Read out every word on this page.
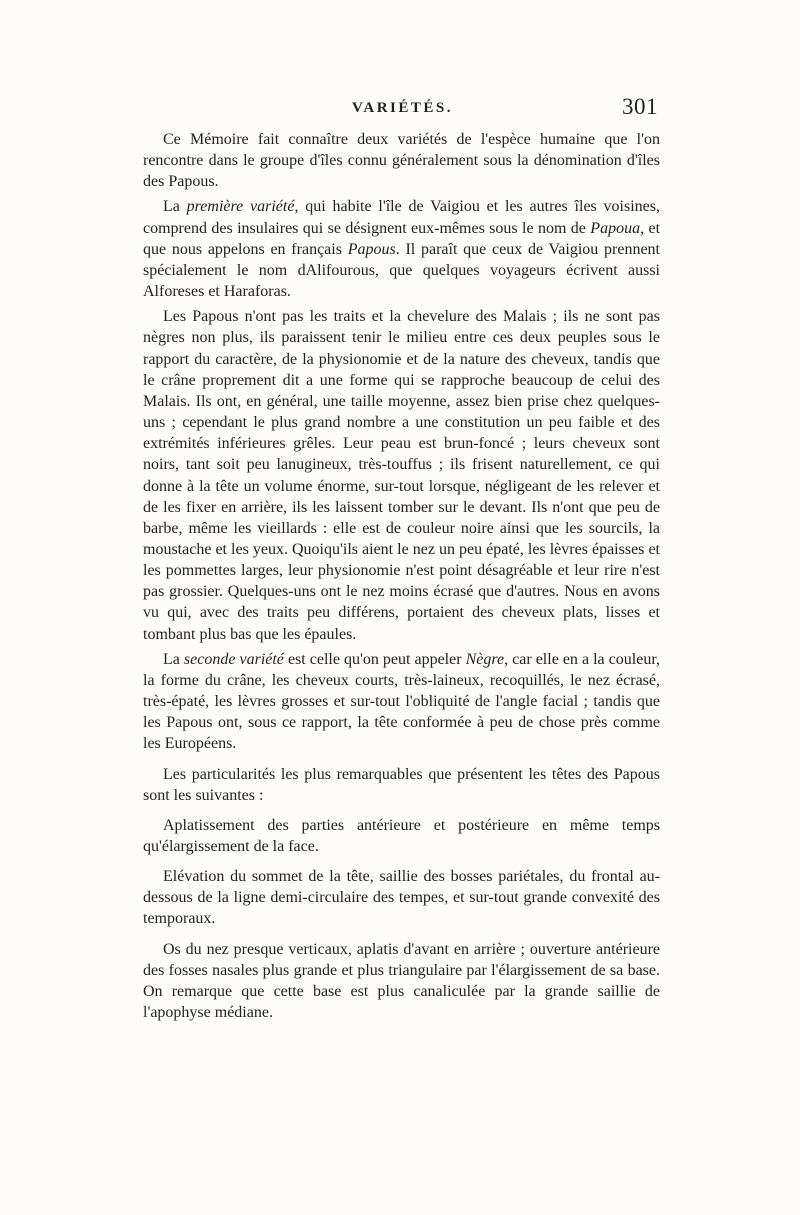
VARIÉTÉS.	301

Ce Mémoire fait connaître deux variétés de l'espèce humaine que l'on rencontre dans le groupe d'îles connu généralement sous la dénomination d'îles des Papous.

La première variété, qui habite l'île de Vaigiou et les autres îles voisines, comprend des insulaires qui se désignent eux-mêmes sous le nom de Papoua, et que nous appelons en français Papous. Il paraît que ceux de Vaigiou prennent spécialement le nom dAlifourous, que quelques voyageurs écrivent aussi Alforeses et Haraforas.

Les Papous n'ont pas les traits et la chevelure des Malais ; ils ne sont pas nègres non plus, ils paraissent tenir le milieu entre ces deux peuples sous le rapport du caractère, de la physionomie et de la nature des cheveux, tandis que le crâne proprement dit a une forme qui se rapproche beaucoup de celui des Malais. Ils ont, en général, une taille moyenne, assez bien prise chez quelques-uns ; cependant le plus grand nombre a une constitution un peu faible et des extrémités inférieures grêles. Leur peau est brun-foncé ; leurs cheveux sont noirs, tant soit peu lanugineux, très-touffus ; ils frisent naturellement, ce qui donne à la tête un volume énorme, sur-tout lorsque, négligeant de les relever et de les fixer en arrière, ils les laissent tomber sur le devant. Ils n'ont que peu de barbe, même les vieillards : elle est de couleur noire ainsi que les sourcils, la moustache et les yeux. Quoiqu'ils aient le nez un peu épaté, les lèvres épaisses et les pommettes larges, leur physionomie n'est point désagréable et leur rire n'est pas grossier. Quelques-uns ont le nez moins écrasé que d'autres. Nous en avons vu qui, avec des traits peu différens, portaient des cheveux plats, lisses et tombant plus bas que les épaules.

La seconde variété est celle qu'on peut appeler Nègre, car elle en a la couleur, la forme du crâne, les cheveux courts, très-laineux, recoquillés, le nez écrasé, très-épaté, les lèvres grosses et sur-tout l'obliquité de l'angle facial ; tandis que les Papous ont, sous ce rapport, la tête conformée à peu de chose près comme les Européens.

Les particularités les plus remarquables que présentent les têtes des Papous sont les suivantes :

Aplatissement des parties antérieure et postérieure en même temps qu'élargissement de la face.

Elévation du sommet de la tête, saillie des bosses pariétales, du frontal au-dessous de la ligne demi-circulaire des tempes, et sur-tout grande convexité des temporaux.

Os du nez presque verticaux, aplatis d'avant en arrière ; ouverture antérieure des fosses nasales plus grande et plus triangulaire par l'élargissement de sa base. On remarque que cette base est plus canaliculée par la grande saillie de l'apophyse médiane.
